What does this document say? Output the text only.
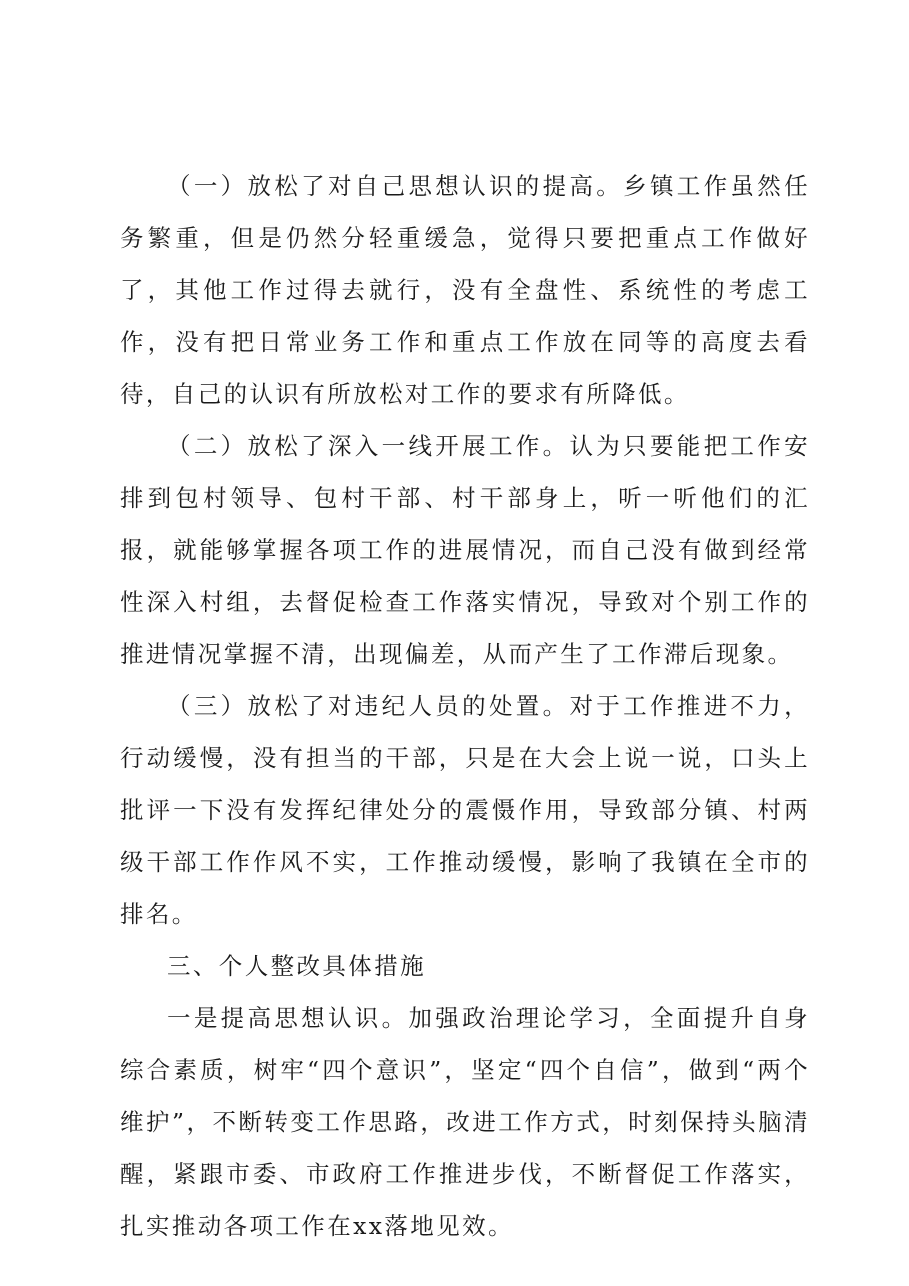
（一）放松了对自己思想认识的提高。乡镇工作虽然任务繁重，但是仍然分轻重缓急，觉得只要把重点工作做好了，其他工作过得去就行，没有全盘性、系统性的考虑工作，没有把日常业务工作和重点工作放在同等的高度去看待，自己的认识有所放松对工作的要求有所降低。

（二）放松了深入一线开展工作。认为只要能把工作安排到包村领导、包村干部、村干部身上，听一听他们的汇报，就能够掌握各项工作的进展情况，而自己没有做到经常性深入村组，去督促检查工作落实情况，导致对个别工作的推进情况掌握不清，出现偏差，从而产生了工作滞后现象。

（三）放松了对违纪人员的处置。对于工作推进不力，行动缓慢，没有担当的干部，只是在大会上说一说，口头上批评一下没有发挥纪律处分的震慑作用，导致部分镇、村两级干部工作作风不实，工作推动缓慢，影响了我镇在全市的排名。

三、个人整改具体措施

一是提高思想认识。加强政治理论学习，全面提升自身综合素质，树牢“四个意识”，坚定“四个自信”，做到“两个维护”，不断转变工作思路，改进工作方式，时刻保持头脑清醒，紧跟市委、市政府工作推进步伐，不断督促工作落实，扎实推动各项工作在xx落地见效。
